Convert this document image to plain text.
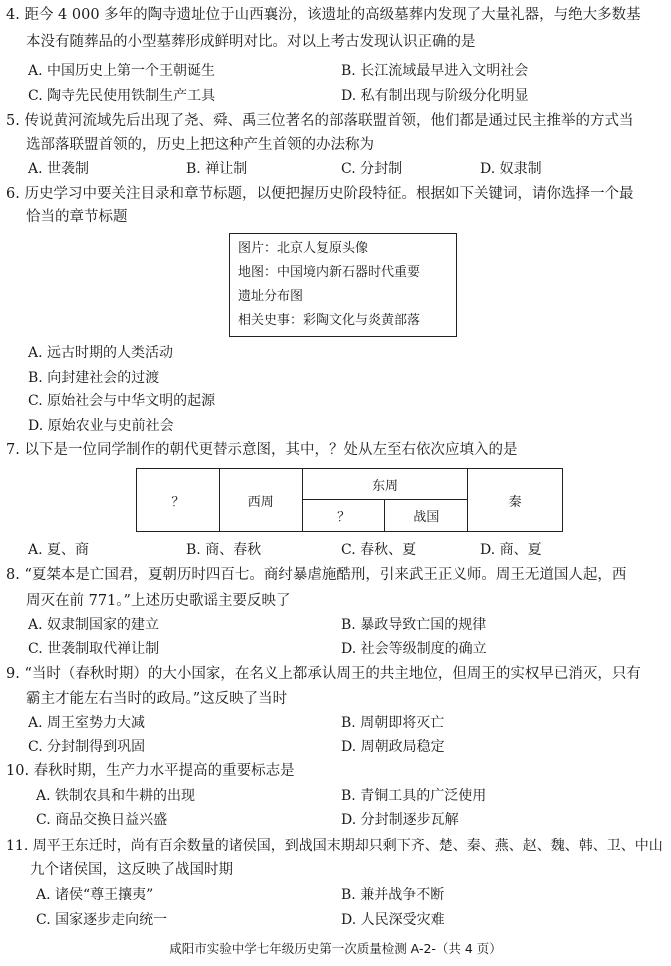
4. 距今 4 000 多年的陶寺遗址位于山西襄汾，该遗址的高级墓葬内发现了大量礼器，与绝大多数基
本没有随葬品的小型墓葬形成鲜明对比。对以上考古发现认识正确的是
A. 中国历史上第一个王朝诞生	B. 长江流域最早进入文明社会
C. 陶寺先民使用铁制生产工具	D. 私有制出现与阶级分化明显
5. 传说黄河流域先后出现了尧、舜、禹三位著名的部落联盟首领，他们都是通过民主推举的方式当
选部落联盟首领的，历史上把这种产生首领的办法称为
A. 世袭制	B. 禅让制	C. 分封制	D. 奴隶制
6. 历史学习中要关注目录和章节标题，以便把握历史阶段特征。根据如下关键词，请你选择一个最
恰当的章节标题
图片：北京人复原头像
地图：中国境内新石器时代重要
遗址分布图
相关史事：彩陶文化与炎黄部落
A. 远古时期的人类活动
B. 向封建社会的过渡
C. 原始社会与中华文明的起源
D. 原始农业与史前社会
7. 以下是一位同学制作的朝代更替示意图，其中，？处从左至右依次应填入的是
？	西周	东周		秦
		？	战国	
A. 夏、商	B. 商、春秋	C. 春秋、夏	D. 商、夏
8. “夏桀本是亡国君，夏朝历时四百七。商纣暴虐施酷刑，引来武王正义师。周王无道国人起，西
周灭在前 771。”上述历史歌谣主要反映了
A. 奴隶制国家的建立	B. 暴政导致亡国的规律
C. 世袭制取代禅让制	D. 社会等级制度的确立
9. “当时（春秋时期）的大小国家，在名义上都承认周王的共主地位，但周王的实权早已消灭，只有
霸主才能左右当时的政局。”这反映了当时
A. 周王室势力大减	B. 周朝即将灭亡
C. 分封制得到巩固	D. 周朝政局稳定
10. 春秋时期，生产力水平提高的重要标志是
A. 铁制农具和牛耕的出现	B. 青铜工具的广泛使用
C. 商品交换日益兴盛	D. 分封制逐步瓦解
11. 周平王东迁时，尚有百余数量的诸侯国，到战国末期却只剩下齐、楚、秦、燕、赵、魏、韩、卫、中山
九个诸侯国，这反映了战国时期
A. 诸侯“尊王攘夷”	B. 兼并战争不断
C. 国家逐步走向统一	D. 人民深受灾难
咸阳市实验中学七年级历史第一次质量检测 A-2-（共 4 页）
